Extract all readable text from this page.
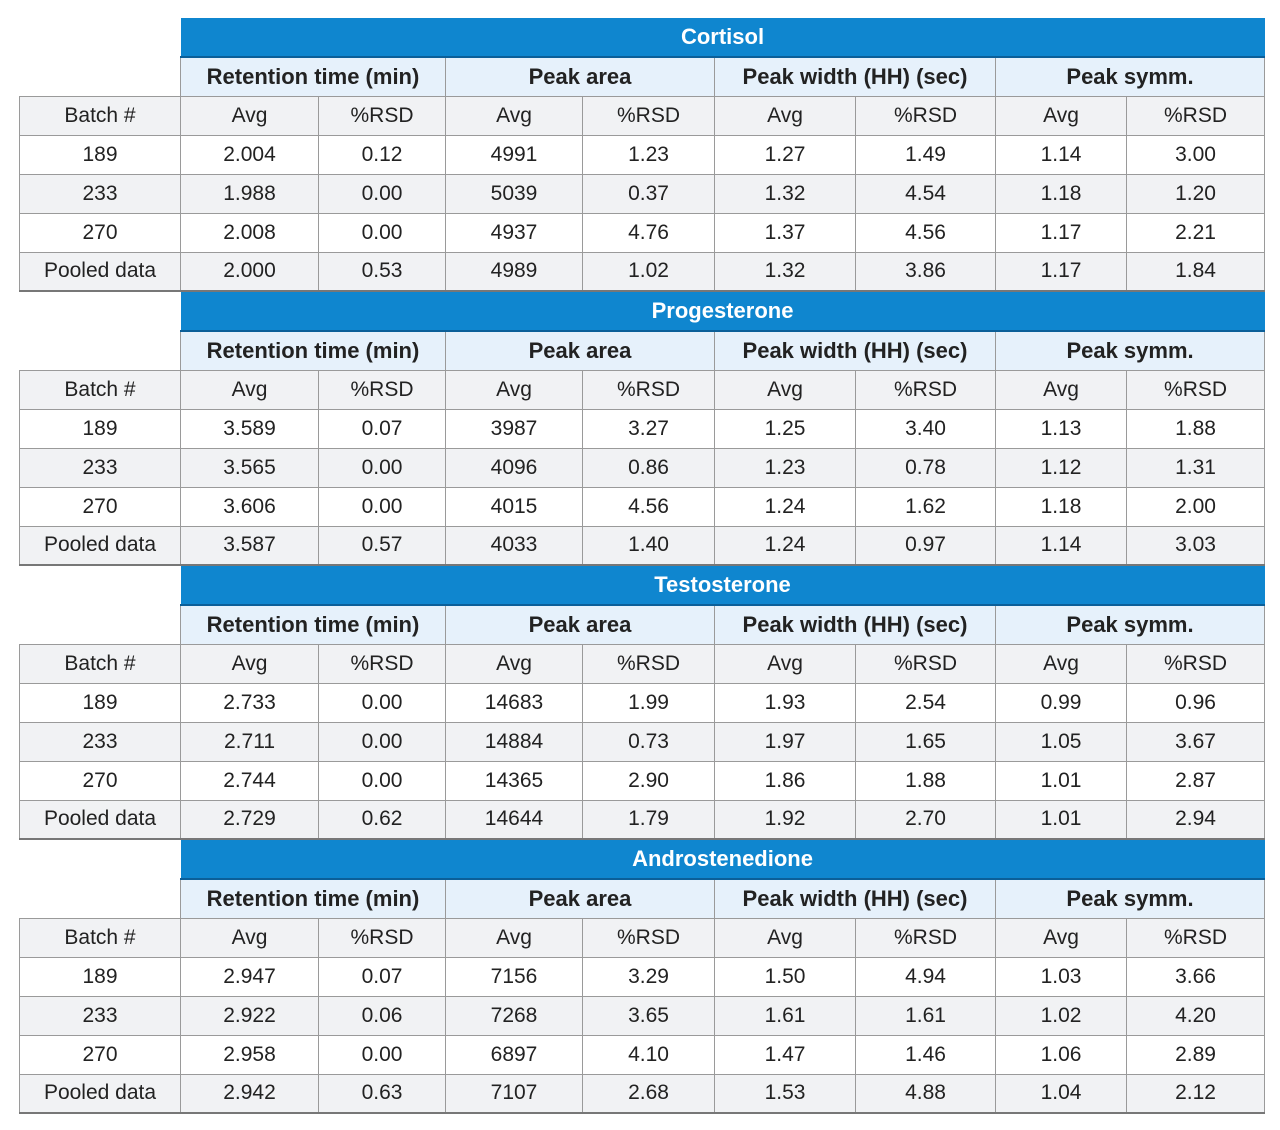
	Cortisol							
	Retention time (min)		Peak area		Peak width (HH) (sec)		Peak symm.	
Batch #	Avg	%RSD	Avg	%RSD	Avg	%RSD	Avg	%RSD
189	2.004	0.12	4991	1.23	1.27	1.49	1.14	3.00
233	1.988	0.00	5039	0.37	1.32	4.54	1.18	1.20
270	2.008	0.00	4937	4.76	1.37	4.56	1.17	2.21
Pooled data	2.000	0.53	4989	1.02	1.32	3.86	1.17	1.84
	Progesterone							
	Retention time (min)		Peak area		Peak width (HH) (sec)		Peak symm.	
Batch #	Avg	%RSD	Avg	%RSD	Avg	%RSD	Avg	%RSD
189	3.589	0.07	3987	3.27	1.25	3.40	1.13	1.88
233	3.565	0.00	4096	0.86	1.23	0.78	1.12	1.31
270	3.606	0.00	4015	4.56	1.24	1.62	1.18	2.00
Pooled data	3.587	0.57	4033	1.40	1.24	0.97	1.14	3.03
	Testosterone							
	Retention time (min)		Peak area		Peak width (HH) (sec)		Peak symm.	
Batch #	Avg	%RSD	Avg	%RSD	Avg	%RSD	Avg	%RSD
189	2.733	0.00	14683	1.99	1.93	2.54	0.99	0.96
233	2.711	0.00	14884	0.73	1.97	1.65	1.05	3.67
270	2.744	0.00	14365	2.90	1.86	1.88	1.01	2.87
Pooled data	2.729	0.62	14644	1.79	1.92	2.70	1.01	2.94
	Androstenedione							
	Retention time (min)		Peak area		Peak width (HH) (sec)		Peak symm.	
Batch #	Avg	%RSD	Avg	%RSD	Avg	%RSD	Avg	%RSD
189	2.947	0.07	7156	3.29	1.50	4.94	1.03	3.66
233	2.922	0.06	7268	3.65	1.61	1.61	1.02	4.20
270	2.958	0.00	6897	4.10	1.47	1.46	1.06	2.89
Pooled data	2.942	0.63	7107	2.68	1.53	4.88	1.04	2.12
